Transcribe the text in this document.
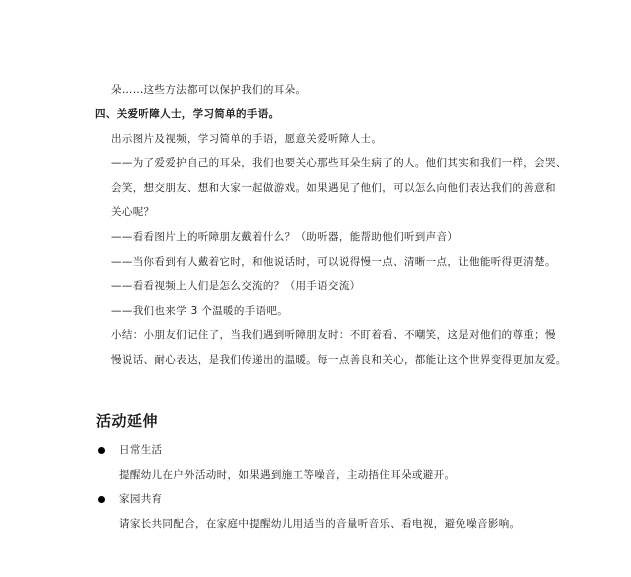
朵……这些方法都可以保护我们的耳朵。
四、关爱听障人士，学习简单的手语。
出示图片及视频，学习简单的手语，愿意关爱听障人士。
——为了爱爱护自己的耳朵，我们也要关心那些耳朵生病了的人。他们其实和我们一样，会哭、
会笑，想交朋友、想和大家一起做游戏。如果遇见了他们，可以怎么向他们表达我们的善意和
关心呢？
——看看图片上的听障朋友戴着什么？（助听器，能帮助他们听到声音）
——当你看到有人戴着它时，和他说话时，可以说得慢一点、清晰一点，让他能听得更清楚。
——看看视频上人们是怎么交流的？（用手语交流）
——我们也来学 3 个温暖的手语吧。
小结：小朋友们记住了，当我们遇到听障朋友时：不盯着看、不嘲笑，这是对他们的尊重；慢
慢说话、耐心表达，是我们传递出的温暖。每一点善良和关心，都能让这个世界变得更加友爱。
活动延伸
日常生活
提醒幼儿在户外活动时，如果遇到施工等噪音，主动捂住耳朵或避开。
家园共育
请家长共同配合，在家庭中提醒幼儿用适当的音量听音乐、看电视，避免噪音影响。
